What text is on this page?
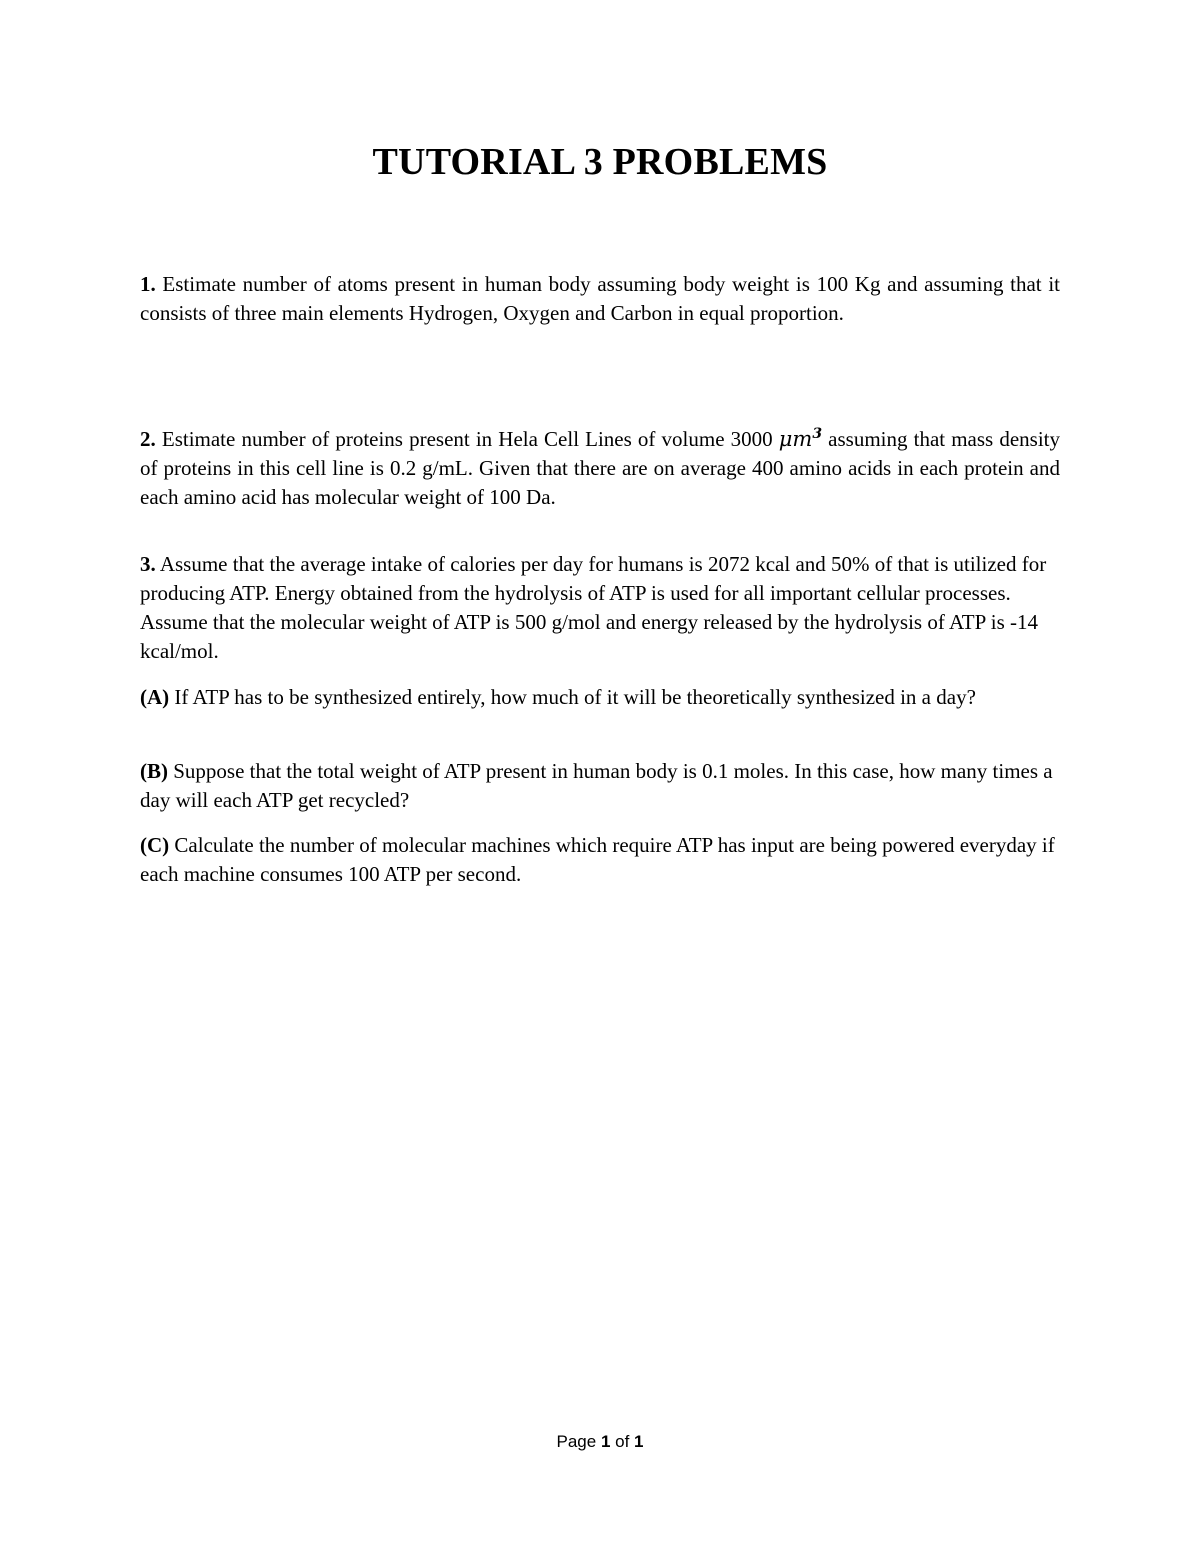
TUTORIAL 3 PROBLEMS
1. Estimate number of atoms present in human body assuming body weight is 100 Kg and assuming that it consists of three main elements Hydrogen, Oxygen and Carbon in equal proportion.
2. Estimate number of proteins present in Hela Cell Lines of volume 3000 $\mu m^3$ assuming that mass density of proteins in this cell line is 0.2 g/mL. Given that there are on average 400 amino acids in each protein and each amino acid has molecular weight of 100 Da.
3. Assume that the average intake of calories per day for humans is 2072 kcal and 50% of that is utilized for producing ATP. Energy obtained from the hydrolysis of ATP is used for all important cellular processes. Assume that the molecular weight of ATP is 500 g/mol and energy released by the hydrolysis of ATP is -14 kcal/mol.
(A) If ATP has to be synthesized entirely, how much of it will be theoretically synthesized in a day?
(B) Suppose that the total weight of ATP present in human body is 0.1 moles. In this case, how many times a day will each ATP get recycled?
(C) Calculate the number of molecular machines which require ATP has input are being powered everyday if each machine consumes 100 ATP per second.
Page 1 of 1
